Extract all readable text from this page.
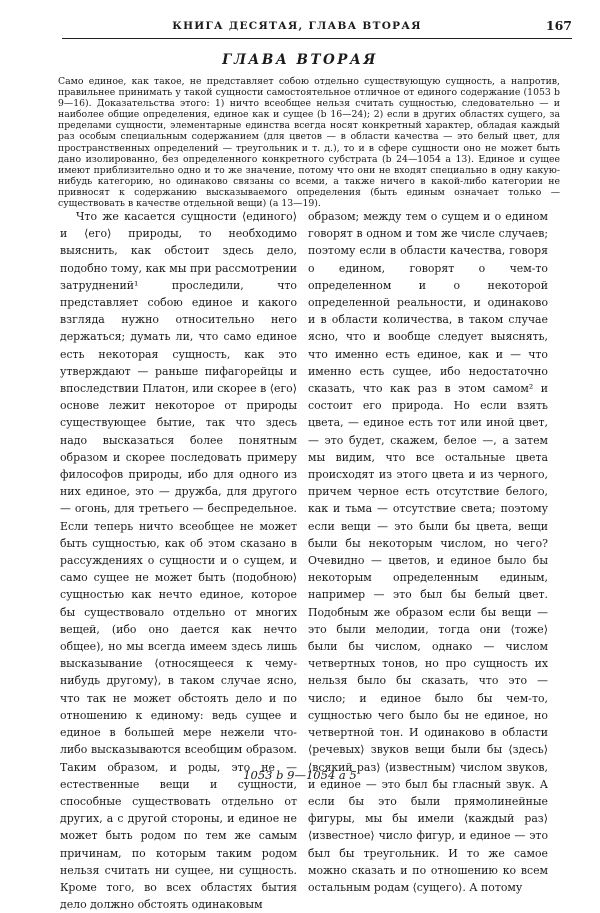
КНИГА ДЕСЯТАЯ, ГЛАВА ВТОРАЯ	167
ГЛАВА ВТОРАЯ
Само единое, как такое, не представляет собою отдельно существующую сущность, а напротив, правильнее принимать у такой сущности самостоятельное отличное от единого содержание (1053 b 9—16). Доказательства этого: 1) ничто всеобщее нельзя считать сущностью, следовательно — и наиболее общие определения, единое как и сущее (b 16—24); 2) если в других областях сущего, за пределами сущности, элементарные единства всегда носят конкретный характер, обладая каждый раз особым специальным содержанием (для цветов — в области качества — это белый цвет, для пространственных определений — треугольник и т. д.), то и в сфере сущности оно не может быть дано изолированно, без определенного конкретного субстрата (b 24—1054 a 13). Единое и сущее имеют приблизительно одно и то же значение, потому что они не входят специально в одну какую-нибудь категорию, но одинаково связаны со всеми, а также ничего в какой-либо категории не привносят к содержанию высказываемого определения (быть единым означает только — существовать в качестве отдельной вещи) (a 13—19).

Что же касается сущности ⟨единого⟩ и ⟨его⟩ природы, то необходимо выяснить, как обстоит здесь дело, подобно тому, как мы при рассмотрении затруднений¹ проследили, что представляет собою единое и какого взгляда нужно относительно него держаться; думать ли, что само единое есть некоторая сущность, как это утверждают — раньше пифагорейцы и впоследствии Платон, или скорее в ⟨его⟩ основе лежит некоторое от природы существующее бытие, так что здесь надо высказаться более понятным образом и скорее последовать примеру философов природы, ибо для одного из них единое, это — дружба, для другого — огонь, для третьего — беспредельное. Если теперь ничто всеобщее не может быть сущностью, как об этом сказано в рассуждениях о сущности и о сущем, и само сущее не может быть ⟨подобною⟩ сущностью как нечто единое, которое бы существовало отдельно от многих вещей, (ибо оно дается как нечто общее), но мы всегда имеем здесь лишь высказывание ⟨относящееся к чему-нибудь другому⟩, в таком случае ясно, что так не может обстоять дело и по отношению к единому: ведь сущее и единое в большей мере нежели что-либо высказываются всеобщим образом. Таким образом, и роды, это не — естественные вещи и сущности, способные существовать отдельно от других, а с другой стороны, и единое не может быть родом по тем же самым причинам, по которым таким родом нельзя считать ни сущее, ни сущность. Кроме того, во всех областях бытия дело должно обстоять одинаковым

образом; между тем о сущем и о едином говорят в одном и том же числе случаев; поэтому если в области качества, говоря о едином, говорят о чем-то определенном и о некоторой определенной реальности, и одинаково и в области количества, в таком случае ясно, что и вообще следует выяснять, что именно есть единое, как и — что именно есть сущее, ибо недостаточно сказать, что как раз в этом самом² и состоит его природа. Но если взять цвета, — единое есть тот или иной цвет, — это будет, скажем, белое —, а затем мы видим, что все остальные цвета происходят из этого цвета и из черного, причем черное есть отсутствие белого, как и тьма — отсутствие света; поэтому если вещи — это были бы цвета, вещи были бы некоторым числом, но чего? Очевидно — цветов, и единое было бы некоторым определенным единым, например — это был бы белый цвет. Подобным же образом если бы вещи — это были мелодии, тогда они ⟨тоже⟩ были бы числом, однако — числом четвертных тонов, но про сущность их нельзя было бы сказать, что это — число; и единое было бы чем-то, сущностью чего было бы не единое, но четвертной тон. И одинаково в области ⟨речевых⟩ звуков вещи были бы ⟨здесь⟩ ⟨всякий раз⟩ ⟨известным⟩ числом звуков, и единое — это был бы гласный звук. А если бы это были прямолинейные фигуры, мы бы имели ⟨каждый раз⟩ ⟨известное⟩ число фигур, и единое — это был бы треугольник. И то же самое можно сказать и по отношению ко всем остальным родам ⟨сущего⟩. А потому

1053 b 9—1054 a 5
